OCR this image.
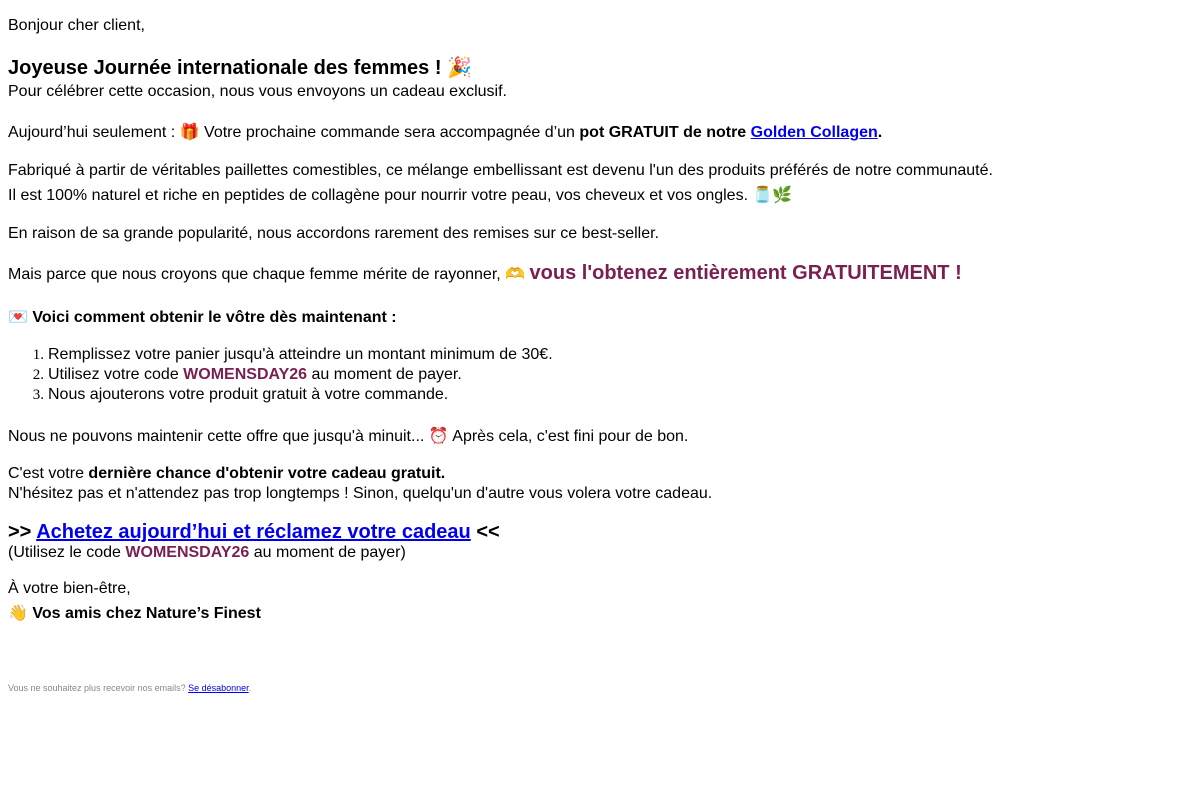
Bonjour cher client,

Joyeuse Journée internationale des femmes ! 🎉

Pour célébrer cette occasion, nous vous envoyons un cadeau exclusif.

Aujourd’hui seulement : 🎁 Votre prochaine commande sera accompagnée d’un pot GRATUIT de notre Golden Collagen.

Fabriqué à partir de véritables paillettes comestibles, ce mélange embellissant est devenu l'un des produits préférés de notre communauté.

Il est 100% naturel et riche en peptides de collagène pour nourrir votre peau, vos cheveux et vos ongles. 🫙🌿

En raison de sa grande popularité, nous accordons rarement des remises sur ce best-seller.

Mais parce que nous croyons que chaque femme mérite de rayonner, 🫶 vous l'obtenez entièrement GRATUITEMENT !

💌 Voici comment obtenir le vôtre dès maintenant :

1. Remplissez votre panier jusqu'à atteindre un montant minimum de 30€.
2. Utilisez votre code WOMENSDAY26 au moment de payer.
3. Nous ajouterons votre produit gratuit à votre commande.

Nous ne pouvons maintenir cette offre que jusqu'à minuit... ⏰ Après cela, c'est fini pour de bon.

C'est votre dernière chance d'obtenir votre cadeau gratuit.

N'hésitez pas et n'attendez pas trop longtemps ! Sinon, quelqu'un d'autre vous volera votre cadeau.

>> Achetez aujourd’hui et réclamez votre cadeau <<

(Utilisez le code WOMENSDAY26 au moment de payer)

À votre bien-être,

👋 Vos amis chez Nature’s Finest

Vous ne souhaitez plus recevoir nos emails? Se désabonner.
